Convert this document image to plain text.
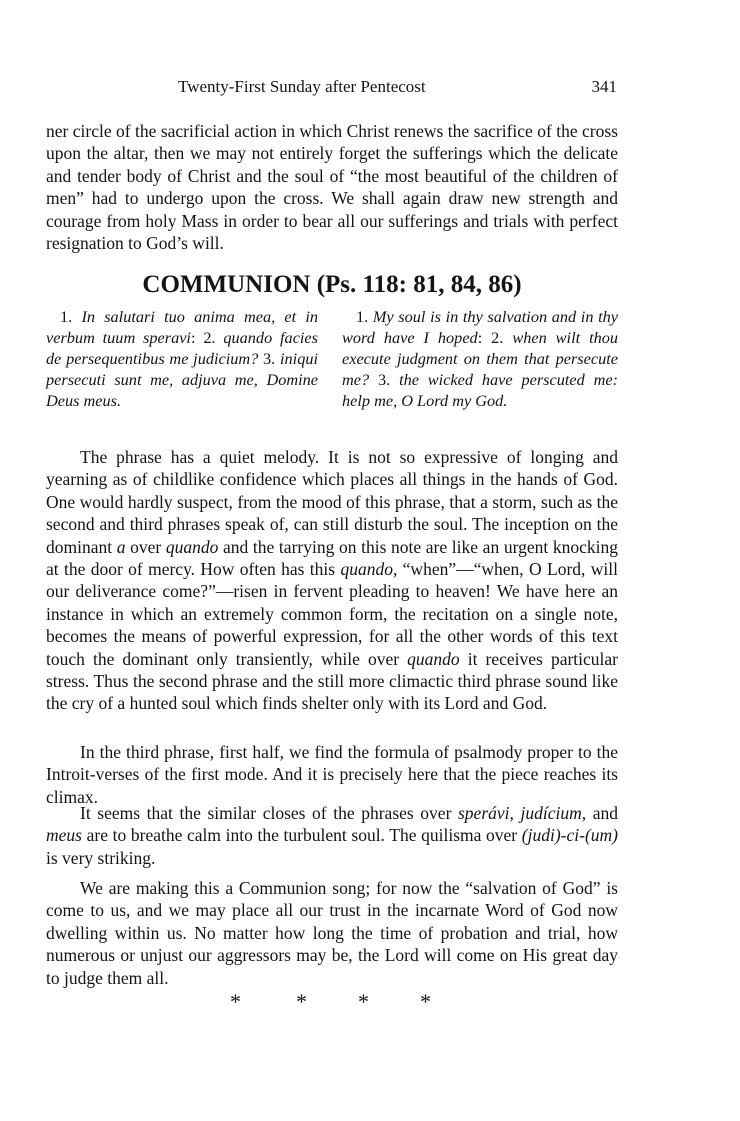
Twenty-First Sunday after Pentecost	341
ner circle of the sacrificial action in which Christ renews the sacrifice of the cross upon the altar, then we may not entirely forget the sufferings which the delicate and tender body of Christ and the soul of “the most beautiful of the children of men” had to undergo upon the cross. We shall again draw new strength and courage from holy Mass in order to bear all our sufferings and trials with perfect resignation to God’s will.
COMMUNION (Ps. 118: 81, 84, 86)

1. In salutari tuo anima mea, et in verbum tuum speravi: 2. quando facies de persequentibus me judicium? 3. iniqui persecuti sunt me, adjuva me, Domine Deus meus.

1. My soul is in thy salvation and in thy word have I hoped: 2. when wilt thou execute judgment on them that persecute me? 3. the wicked have perscuted me: help me, O Lord my God.

The phrase has a quiet melody. It is not so expressive of longing and yearning as of childlike confidence which places all things in the hands of God. One would hardly suspect, from the mood of this phrase, that a storm, such as the second and third phrases speak of, can still disturb the soul. The inception on the dominant a over quando and the tarrying on this note are like an urgent knocking at the door of mercy. How often has this quando, “when”—“when, O Lord, will our deliverance come?”—risen in fervent pleading to heaven! We have here an instance in which an extremely common form, the recitation on a single note, becomes the means of powerful expression, for all the other words of this text touch the dominant only transiently, while over quando it receives particular stress. Thus the second phrase and the still more climactic third phrase sound like the cry of a hunted soul which finds shelter only with its Lord and God.
In the third phrase, first half, we find the formula of psalmody proper to the Introit-verses of the first mode. And it is precisely here that the piece reaches its climax.
It seems that the similar closes of the phrases over sperávi, judícium, and meus are to breathe calm into the turbulent soul. The quilisma over (judi)-ci-(um) is very striking.
We are making this a Communion song; for now the “salvation of God” is come to us, and we may place all our trust in the incarnate Word of God now dwelling within us. No matter how long the time of probation and trial, how numerous or unjust our aggressors may be, the Lord will come on His great day to judge them all.
*	* * *
